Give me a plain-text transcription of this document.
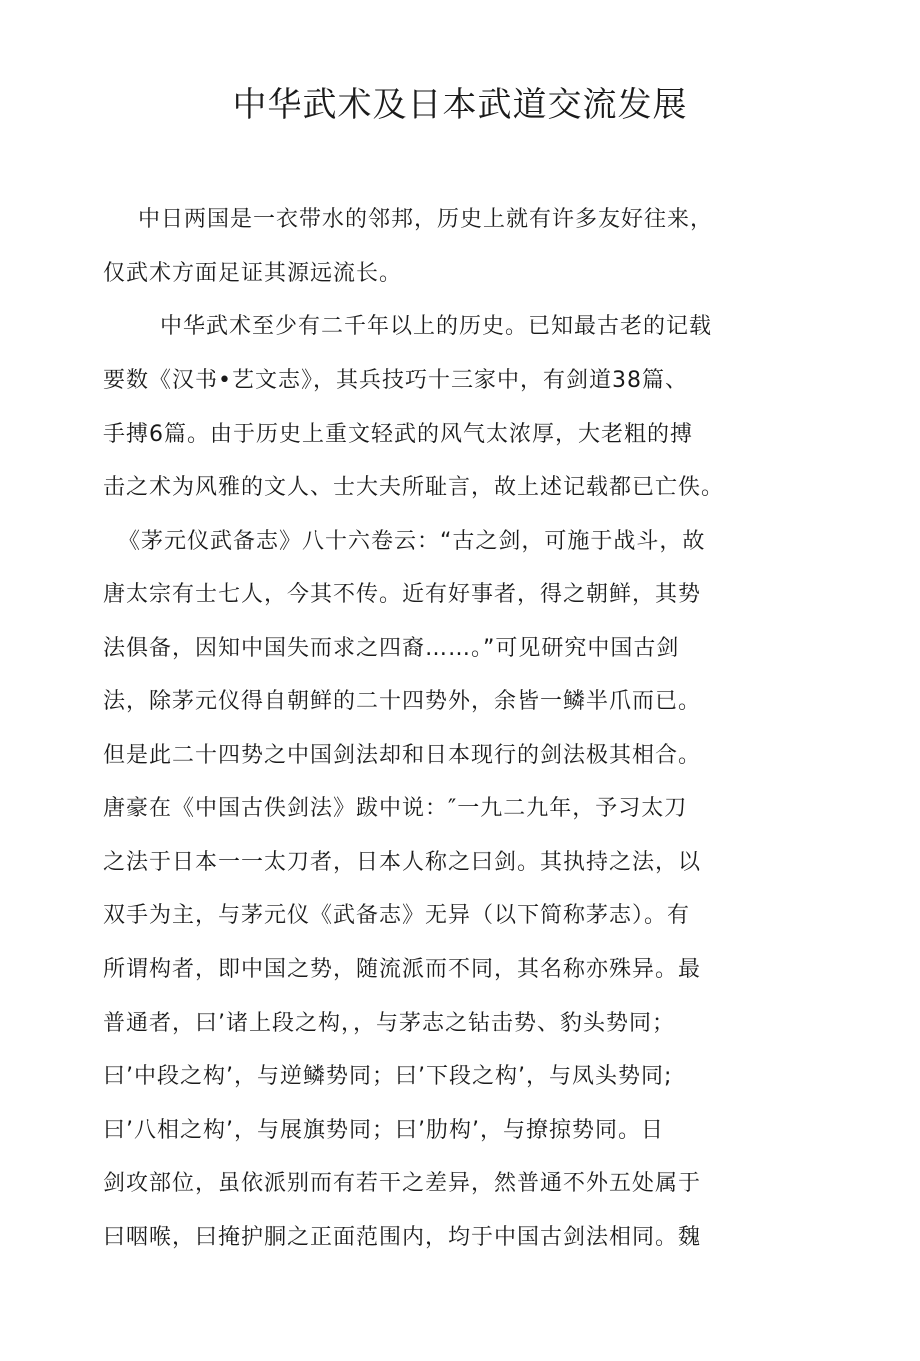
中华武术及日本武道交流发展
中日两国是一衣带水的邻邦，历史上就有许多友好往来，
仅武术方面足证其源远流长。
中华武术至少有二千年以上的历史。已知最古老的记载
要数《汉书•艺文志》，其兵技巧十三家中，有剑道38篇、
手搏6篇。由于历史上重文轻武的风气太浓厚，大老粗的搏
击之术为风雅的文人、士大夫所耻言，故上述记载都已亡佚。
《茅元仪武备志》八十六卷云：“古之剑，可施于战斗，故
唐太宗有士七人，今其不传。近有好事者，得之朝鲜，其势
法俱备，因知中国失而求之四裔……。”可见研究中国古剑
法，除茅元仪得自朝鲜的二十四势外，余皆一鳞半爪而已。
但是此二十四势之中国剑法却和日本现行的剑法极其相合。
唐豪在《中国古佚剑法》跋中说：″一九二九年，予习太刀
之法于日本一一太刀者，日本人称之曰剑。其执持之法，以
双手为主，与茅元仪《武备志》无异（以下简称茅志）。有
所谓构者，即中国之势，随流派而不同，其名称亦殊异。最
普通者，曰’诸上段之构，，与茅志之钻击势、豹头势同；
曰’中段之构’，与逆鳞势同；曰’下段之构’，与凤头势同;
曰’八相之构’，与展旗势同；曰’肋构’，与撩掠势同。日
剑攻部位，虽依派别而有若干之差异，然普通不外五处属于
曰咽喉，曰掩护胴之正面范围内，均于中国古剑法相同。魏
